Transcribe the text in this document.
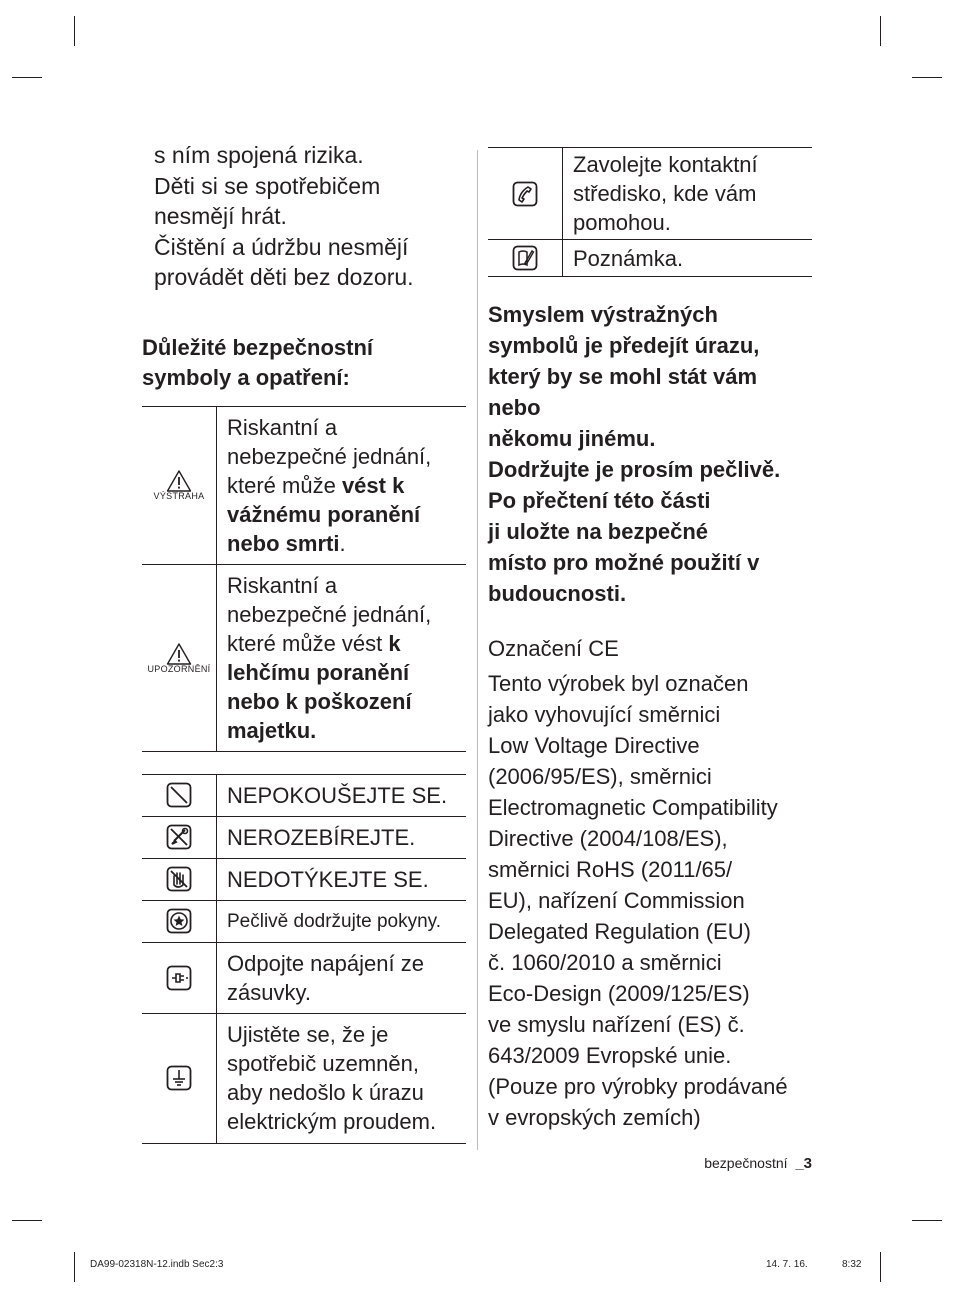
s ním spojená rizika.
Děti si se spotřebičem
nesmějí hrát.
Čištění a údržbu nesmějí
provádět děti bez dozoru.
Důležité bezpečnostní
symboly a opatření:
VÝSTRAHA	Riskantní a nebezpečné jednání, které může vést k vážnému poranění nebo smrti.

UPOZORNĚNÍ	Riskantní a nebezpečné jednání, které může vést k lehčímu poranění nebo k poškození majetku.

	NEPOKOUŠEJTE SE.
	NEROZEBÍREJTE.
	NEDOTÝKEJTE SE.
	Pečlivě dodržujte pokyny.
	Odpojte napájení ze zásuvky.
	Ujistěte se, že je spotřebič uzemněn, aby nedošlo k úrazu elektrickým proudem.
	Zavolejte kontaktní středisko, kde vám pomohou.
	Poznámka.
Smyslem výstražných
symbolů je předejít úrazu,
který by se mohl stát vám
nebo
někomu jinému.
Dodržujte je prosím pečlivě.
Po přečtení této části
ji uložte na bezpečné
místo pro možné použití v
budoucnosti.
Označení CE
Tento výrobek byl označen
jako vyhovující směrnici
Low Voltage Directive
(2006/95/ES), směrnici
Electromagnetic Compatibility
Directive (2004/108/ES),
směrnici RoHS (2011/65/
EU), nařízení Commission
Delegated Regulation (EU)
č. 1060/2010 a směrnici
Eco-Design (2009/125/ES)
ve smyslu nařízení (ES) č.
643/2009 Evropské unie.
(Pouze pro výrobky prodávané
v evropských zemích)
bezpečnostní _3
DA99-02318N-12.indb Sec2:3	14. 7. 16.	8:32
